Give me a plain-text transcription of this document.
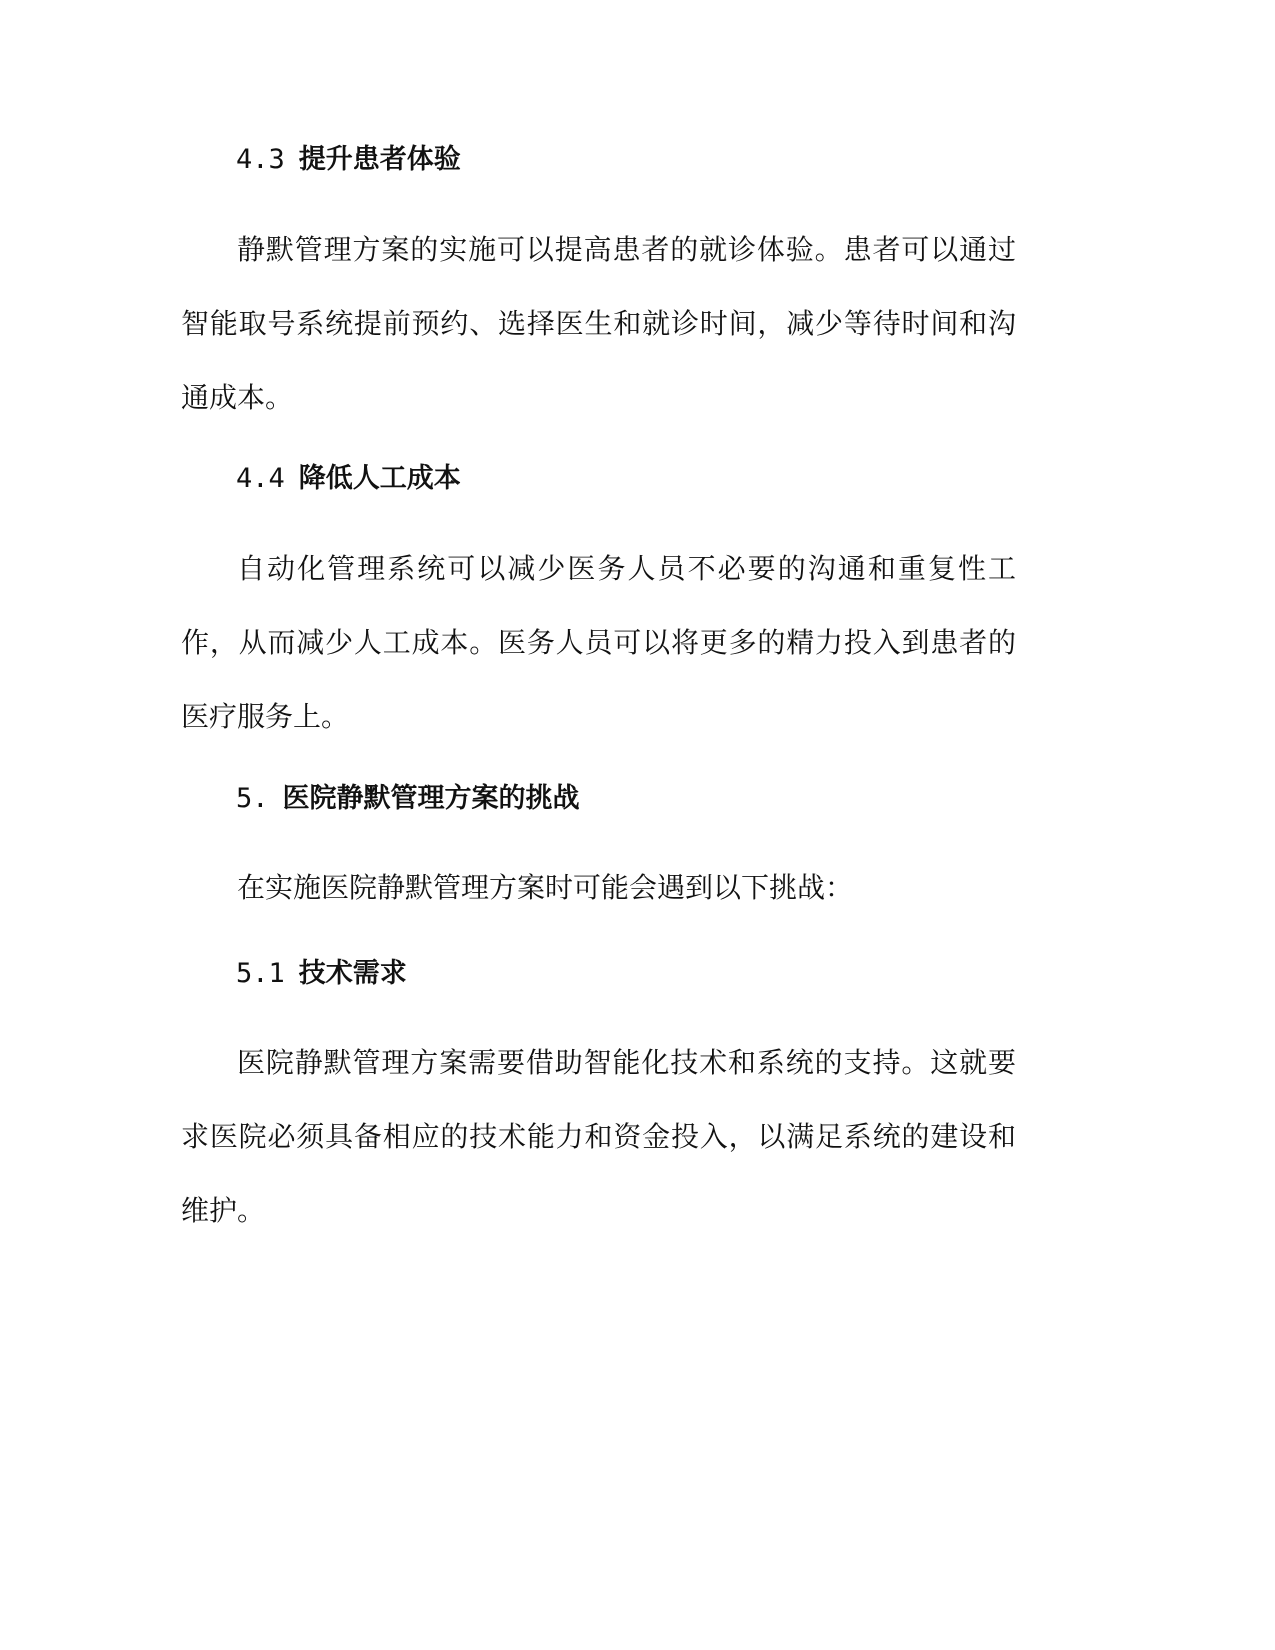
4.3 提升患者体验

静默管理方案的实施可以提高患者的就诊体验。患者可以通过智能取号系统提前预约、选择医生和就诊时间，减少等待时间和沟通成本。

4.4 降低人工成本

自动化管理系统可以减少医务人员不必要的沟通和重复性工作，从而减少人工成本。医务人员可以将更多的精力投入到患者的医疗服务上。

5. 医院静默管理方案的挑战

在实施医院静默管理方案时可能会遇到以下挑战：

5.1 技术需求

医院静默管理方案需要借助智能化技术和系统的支持。这就要求医院必须具备相应的技术能力和资金投入，以满足系统的建设和维护。
